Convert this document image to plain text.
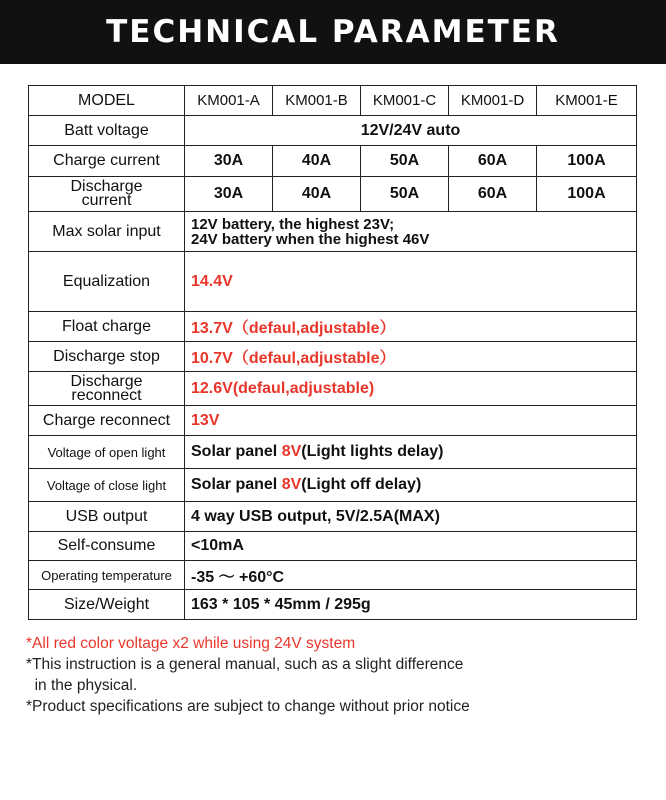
TECHNICAL PARAMETER
MODEL	KM001-A	KM001-B	KM001-C	KM001-D	KM001-E
Batt voltage	12V/24V auto				
Charge current	30A	40A	50A	60A	100A

Discharge
current	30A	40A	50A	60A	100A
Max solar input	12V battery, the highest 23V;
24V battery when the highest 46V				

Equalization	14.4V				
Float charge	13.7V（defaul,adjustable）				
Discharge stop	10.7V（defaul,adjustable）				

Discharge
reconnect	12.6V(defaul,adjustable)				
Charge reconnect	13V				
Voltage of open light	Solar panel 8V(Light lights delay)				
Voltage of close light	Solar panel 8V(Light off delay)				
USB output	4 way USB output, 5V/2.5A(MAX)				
Self-consume	<10mA				
Operating temperature	-35 ～ +60°C				
Size/Weight	163 * 105 * 45mm / 295g				

*All red color voltage x2 while using 24V system

*This instruction is a general manual, such as a slight difference

in the physical.

*Product specifications are subject to change without prior notice
